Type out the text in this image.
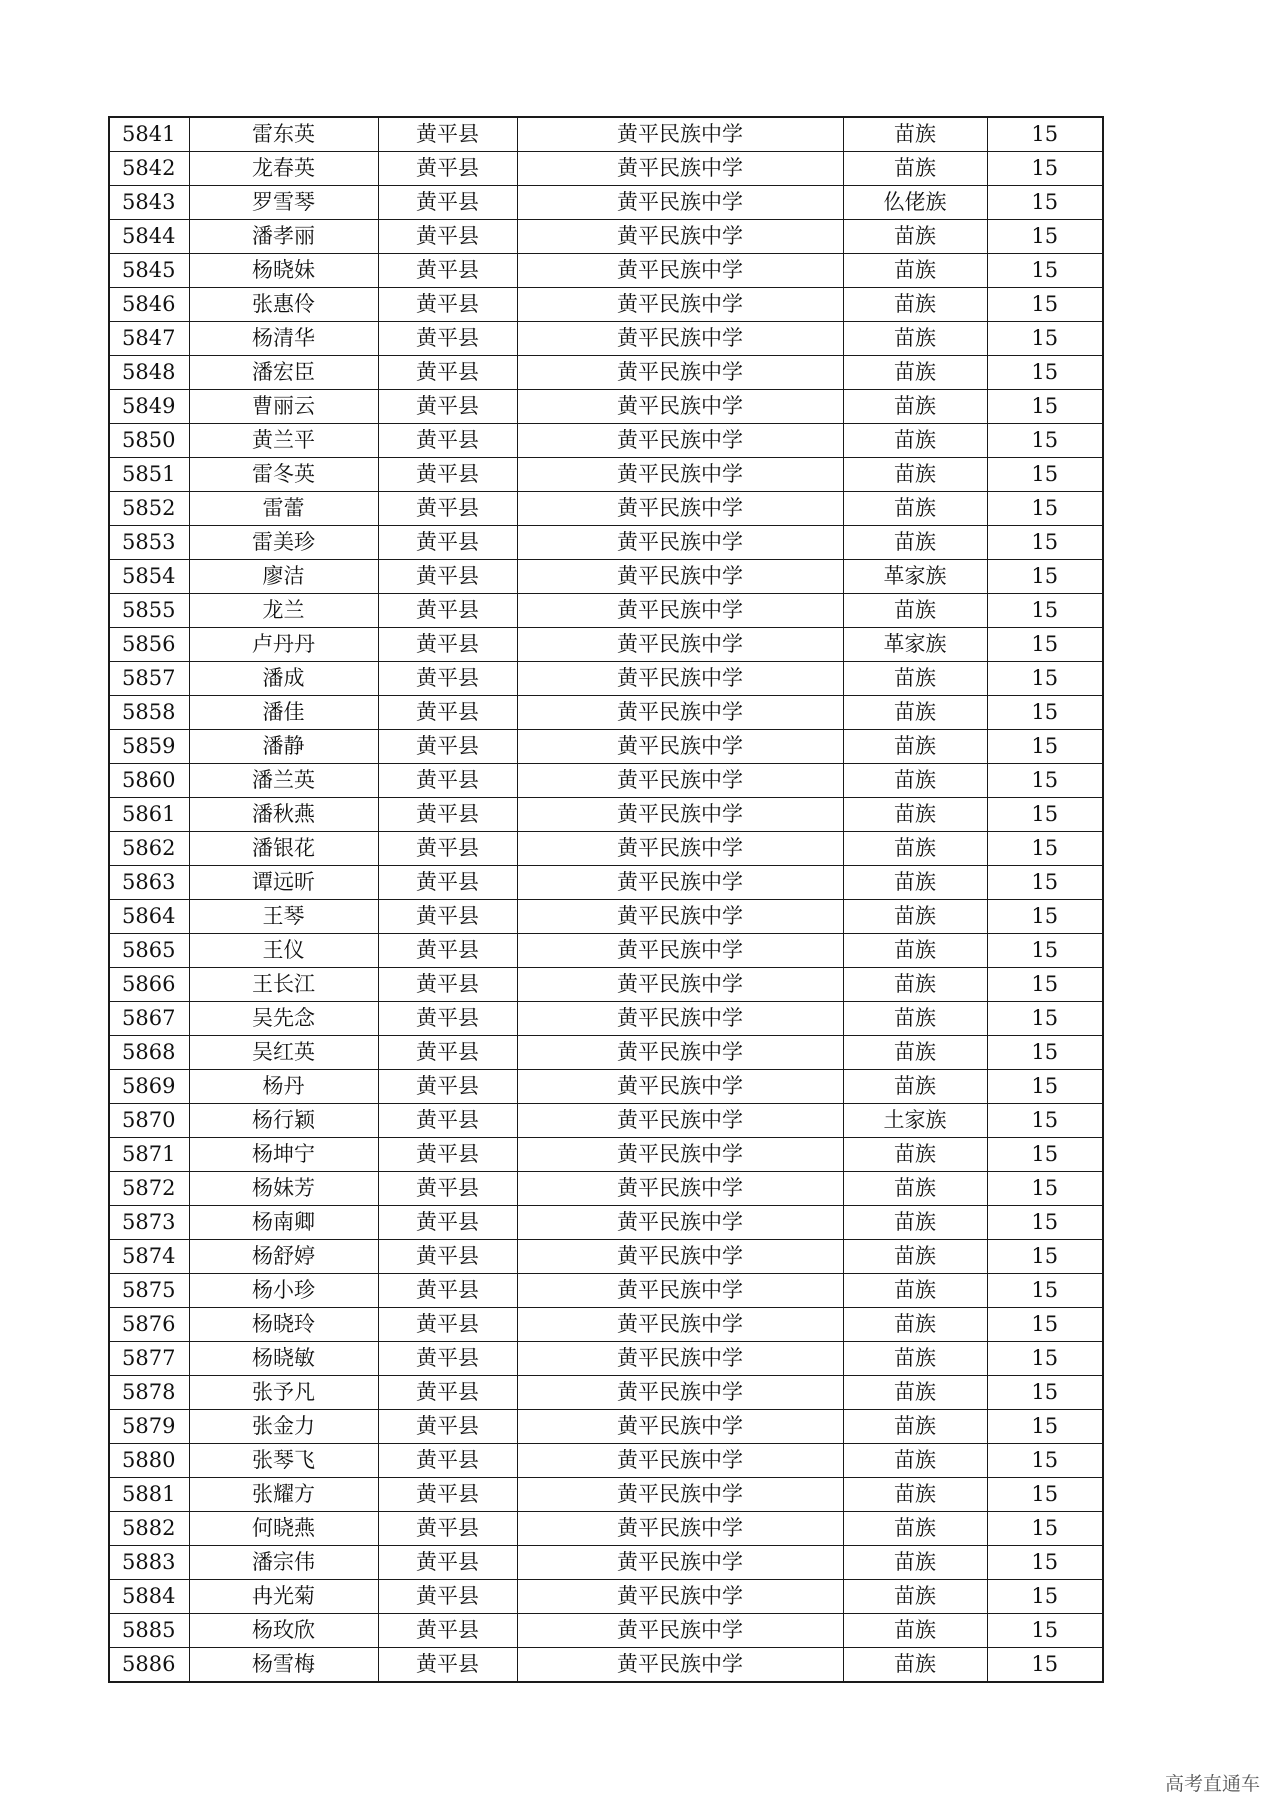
5841	雷东英	黄平县	黄平民族中学	苗族	15
5842	龙春英	黄平县	黄平民族中学	苗族	15
5843	罗雪琴	黄平县	黄平民族中学	仫佬族	15
5844	潘孝丽	黄平县	黄平民族中学	苗族	15
5845	杨晓妹	黄平县	黄平民族中学	苗族	15
5846	张惠伶	黄平县	黄平民族中学	苗族	15
5847	杨清华	黄平县	黄平民族中学	苗族	15
5848	潘宏臣	黄平县	黄平民族中学	苗族	15
5849	曹丽云	黄平县	黄平民族中学	苗族	15
5850	黄兰平	黄平县	黄平民族中学	苗族	15
5851	雷冬英	黄平县	黄平民族中学	苗族	15
5852	雷蕾	黄平县	黄平民族中学	苗族	15
5853	雷美珍	黄平县	黄平民族中学	苗族	15
5854	廖洁	黄平县	黄平民族中学	革家族	15
5855	龙兰	黄平县	黄平民族中学	苗族	15
5856	卢丹丹	黄平县	黄平民族中学	革家族	15
5857	潘成	黄平县	黄平民族中学	苗族	15
5858	潘佳	黄平县	黄平民族中学	苗族	15
5859	潘静	黄平县	黄平民族中学	苗族	15
5860	潘兰英	黄平县	黄平民族中学	苗族	15
5861	潘秋燕	黄平县	黄平民族中学	苗族	15
5862	潘银花	黄平县	黄平民族中学	苗族	15
5863	谭远昕	黄平县	黄平民族中学	苗族	15
5864	王琴	黄平县	黄平民族中学	苗族	15
5865	王仪	黄平县	黄平民族中学	苗族	15
5866	王长江	黄平县	黄平民族中学	苗族	15
5867	吴先念	黄平县	黄平民族中学	苗族	15
5868	吴红英	黄平县	黄平民族中学	苗族	15
5869	杨丹	黄平县	黄平民族中学	苗族	15
5870	杨行颖	黄平县	黄平民族中学	土家族	15
5871	杨坤宁	黄平县	黄平民族中学	苗族	15
5872	杨妹芳	黄平县	黄平民族中学	苗族	15
5873	杨南卿	黄平县	黄平民族中学	苗族	15
5874	杨舒婷	黄平县	黄平民族中学	苗族	15
5875	杨小珍	黄平县	黄平民族中学	苗族	15
5876	杨晓玲	黄平县	黄平民族中学	苗族	15
5877	杨晓敏	黄平县	黄平民族中学	苗族	15
5878	张予凡	黄平县	黄平民族中学	苗族	15
5879	张金力	黄平县	黄平民族中学	苗族	15
5880	张琴飞	黄平县	黄平民族中学	苗族	15
5881	张耀方	黄平县	黄平民族中学	苗族	15
5882	何晓燕	黄平县	黄平民族中学	苗族	15
5883	潘宗伟	黄平县	黄平民族中学	苗族	15
5884	冉光菊	黄平县	黄平民族中学	苗族	15
5885	杨玫欣	黄平县	黄平民族中学	苗族	15
5886	杨雪梅	黄平县	黄平民族中学	苗族	15
高考直通车
